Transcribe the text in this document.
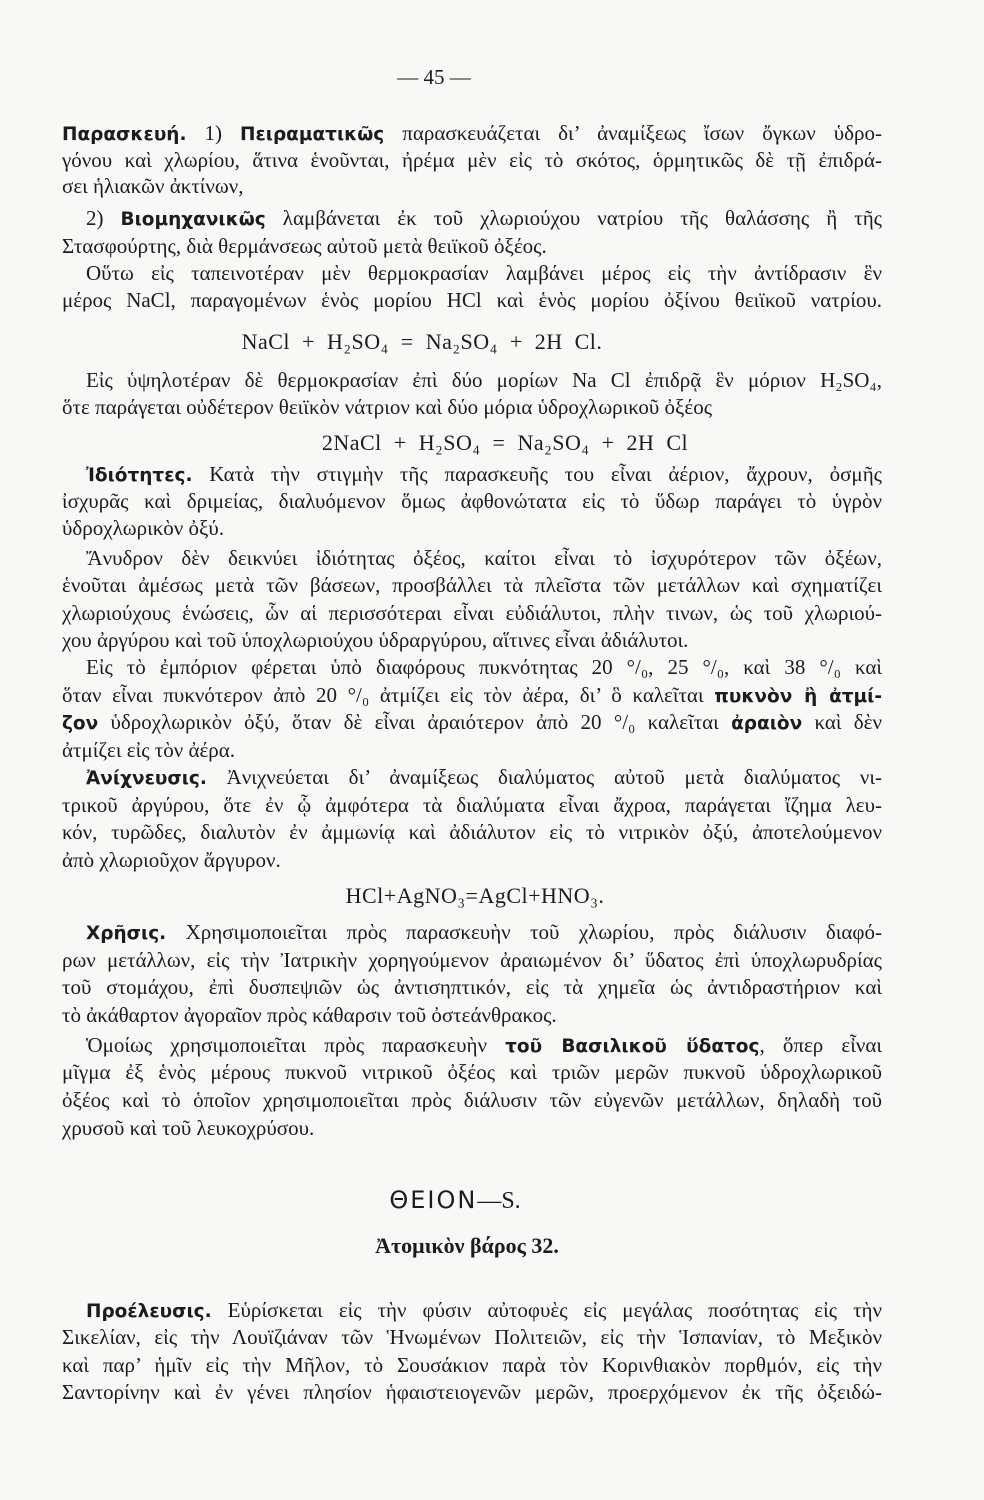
— 45 —
Παρασκευή. 1) Πειραματικῶς παρασκευάζεται δι’ ἀναμίξεως ἴσων ὄγκων ὑδρο-
γόνου καὶ χλωρίου, ἅτινα ἑνοῦνται, ἠρέμα μὲν εἰς τὸ σκότος, ὁρμητικῶς δὲ τῇ ἐπιδρά-
σει ἡλιακῶν ἀκτίνων,
2) Βιομηχανικῶς λαμβάνεται ἐκ τοῦ χλωριούχου νατρίου τῆς θαλάσσης ἢ τῆς
Στασφούρτης, διὰ θερμάνσεως αὐτοῦ μετὰ θειϊκοῦ ὀξέος.
Οὕτω εἰς ταπεινοτέραν μὲν θερμοκρασίαν λαμβάνει μέρος εἰς τὴν ἀντίδρασιν ἓν
μέρος NaCl, παραγομένων ἑνὸς μορίου HCl καὶ ἑνὸς μορίου ὀξίνου θειϊκοῦ νατρίου.
NaCl + H₂SO₄ = Na₂SO₄ + 2H Cl.
Εἰς ὑψηλοτέραν δὲ θερμοκρασίαν ἐπὶ δύο μορίων Na Cl ἐπιδρᾷ ἓν μόριον H₂SO₄,
ὅτε παράγεται οὐδέτερον θειϊκὸν νάτριον καὶ δύο μόρια ὑδροχλωρικοῦ ὀξέος
2NaCl + H₂SO₄ = Na₂SO₄ + 2H Cl
Ἰδιότητες. Κατὰ τὴν στιγμὴν τῆς παρασκευῆς του εἶναι ἀέριον, ἄχρουν, ὀσμῆς
ἰσχυρᾶς καὶ δριμείας, διαλυόμενον ὅμως ἀφθονώτατα εἰς τὸ ὕδωρ παράγει τὸ ὑγρὸν
ὑδροχλωρικὸν ὀξύ.
Ἄνυδρον δὲν δεικνύει ἰδιότητας ὀξέος, καίτοι εἶναι τὸ ἰσχυρότερον τῶν ὀξέων,
ἑνοῦται ἀμέσως μετὰ τῶν βάσεων, προσβάλλει τὰ πλεῖστα τῶν μετάλλων καὶ σχηματίζει
χλωριούχους ἑνώσεις, ὧν αἱ περισσότεραι εἶναι εὐδιάλυτοι, πλὴν τινων, ὡς τοῦ χλωριού-
χου ἀργύρου καὶ τοῦ ὑποχλωριούχου ὑδραργύρου, αἵτινες εἶναι ἀδιάλυτοι.
Εἰς τὸ ἐμπόριον φέρεται ὑπὸ διαφόρους πυκνότητας 20 °/₀, 25 °/₀, καὶ 38 °/₀ καὶ
ὅταν εἶναι πυκνότερον ἀπὸ 20 °/₀ ἀτμίζει εἰς τὸν ἀέρα, δι’ ὃ καλεῖται πυκνὸν ἢ ἀτμί-
ζον ὑδροχλωρικὸν ὀξύ, ὅταν δὲ εἶναι ἀραιότερον ἀπὸ 20 °/₀ καλεῖται ἀραιὸν καὶ δὲν
ἀτμίζει εἰς τὸν ἀέρα.
Ἀνίχνευσις. Ἀνιχνεύεται δι’ ἀναμίξεως διαλύματος αὐτοῦ μετὰ διαλύματος νι-
τρικοῦ ἀργύρου, ὅτε ἐν ᾧ ἀμφότερα τὰ διαλύματα εἶναι ἄχροα, παράγεται ἴζημα λευ-
κόν, τυρῶδες, διαλυτὸν ἐν ἀμμωνίᾳ καὶ ἀδιάλυτον εἰς τὸ νιτρικὸν ὀξύ, ἀποτελούμενον
ἀπὸ χλωριοῦχον ἄργυρον.
HCl+AgNO₃=AgCl+HNO₃.
Χρῆσις. Χρησιμοποιεῖται πρὸς παρασκευὴν τοῦ χλωρίου, πρὸς διάλυσιν διαφό-
ρων μετάλλων, εἰς τὴν Ἰατρικὴν χορηγούμενον ἀραιωμένον δι’ ὕδατος ἐπὶ ὑποχλωρυδρίας
τοῦ στομάχου, ἐπὶ δυσπεψιῶν ὡς ἀντισηπτικόν, εἰς τὰ χημεῖα ὡς ἀντιδραστήριον καὶ
τὸ ἀκάθαρτον ἀγοραῖον πρὸς κάθαρσιν τοῦ ὀστεάνθρακος.
Ὁμοίως χρησιμοποιεῖται πρὸς παρασκευὴν τοῦ Βασιλικοῦ ὕδατος, ὅπερ εἶναι
μῖγμα ἐξ ἑνὸς μέρους πυκνοῦ νιτρικοῦ ὀξέος καὶ τριῶν μερῶν πυκνοῦ ὑδροχλωρικοῦ
ὀξέος καὶ τὸ ὁποῖον χρησιμοποιεῖται πρὸς διάλυσιν τῶν εὐγενῶν μετάλλων, δηλαδὴ τοῦ
χρυσοῦ καὶ τοῦ λευκοχρύσου.
ΘΕΙΟΝ—S.
Ἀτομικὸν βάρος 32.
Προέλευσις. Εὑρίσκεται εἰς τὴν φύσιν αὐτοφυὲς εἰς μεγάλας ποσότητας εἰς τὴν
Σικελίαν, εἰς τὴν Λουϊζιάναν τῶν Ἡνωμένων Πολιτειῶν, εἰς τὴν Ἱσπανίαν, τὸ Μεξικὸν
καὶ παρ’ ἡμῖν εἰς τὴν Μῆλον, τὸ Σουσάκιον παρὰ τὸν Κορινθιακὸν πορθμόν, εἰς τὴν
Σαντορίνην καὶ ἐν γένει πλησίον ἡφαιστειογενῶν μερῶν, προερχόμενον ἐκ τῆς ὀξειδώ-
